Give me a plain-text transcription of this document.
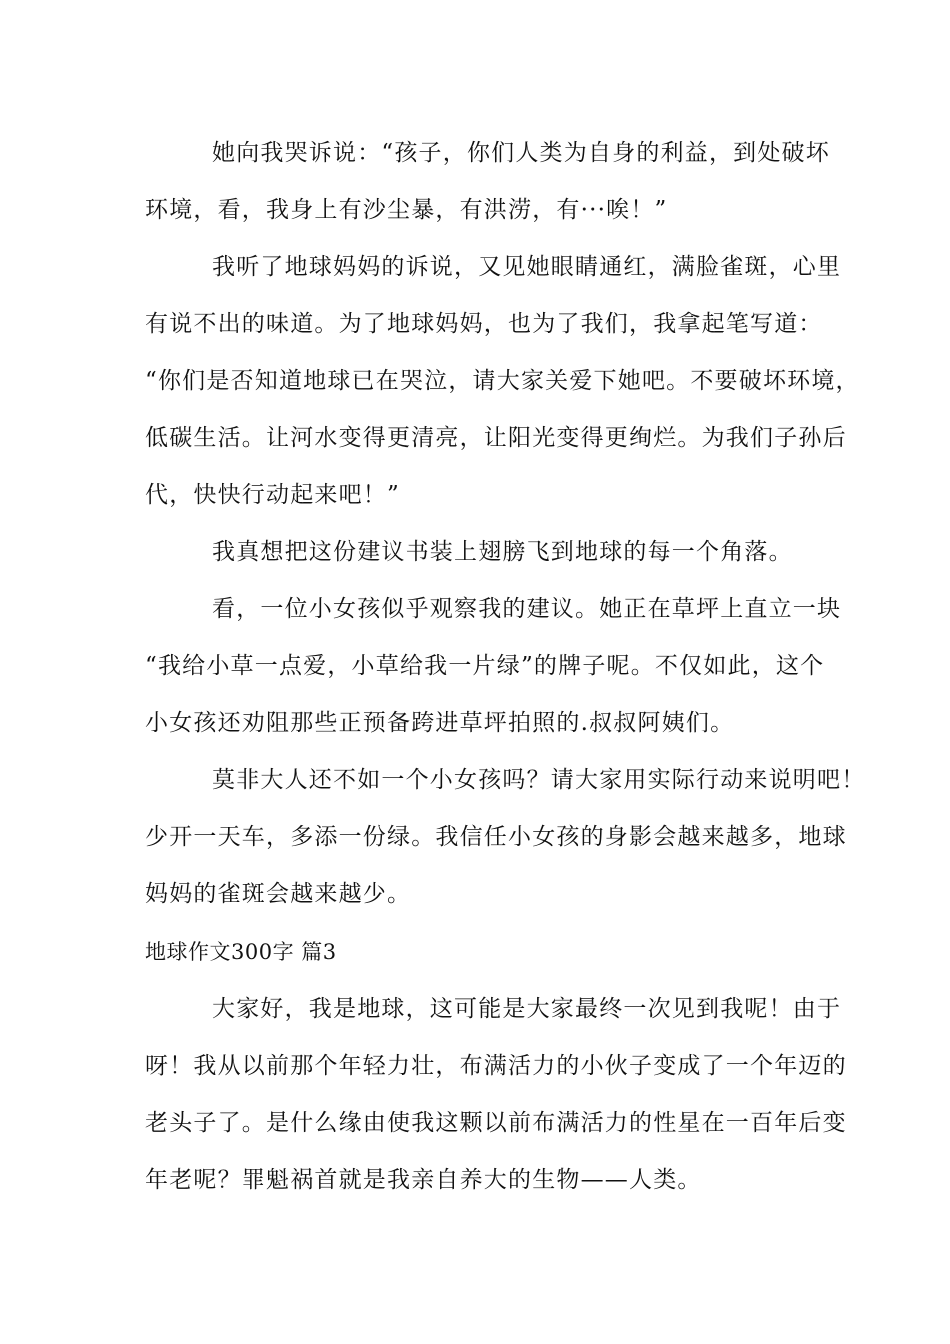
她向我哭诉说：“孩子，你们人类为自身的利益，到处破坏
环境，看，我身上有沙尘暴，有洪涝，有···唉！”
我听了地球妈妈的诉说，又见她眼睛通红，满脸雀斑，心里
有说不出的味道。为了地球妈妈，也为了我们，我拿起笔写道：
“你们是否知道地球已在哭泣，请大家关爱下她吧。不要破坏环境，
低碳生活。让河水变得更清亮，让阳光变得更绚烂。为我们子孙后
代，快快行动起来吧！”
我真想把这份建议书装上翅膀飞到地球的每一个角落。
看，一位小女孩似乎观察我的建议。她正在草坪上直立一块
“我给小草一点爱，小草给我一片绿”的牌子呢。不仅如此，这个
小女孩还劝阻那些正预备跨进草坪拍照的.叔叔阿姨们。
莫非大人还不如一个小女孩吗？请大家用实际行动来说明吧！
少开一天车，多添一份绿。我信任小女孩的身影会越来越多，地球
妈妈的雀斑会越来越少。
地球作文300字 篇3
大家好，我是地球，这可能是大家最终一次见到我呢！由于
呀！我从以前那个年轻力壮，布满活力的小伙子变成了一个年迈的
老头子了。是什么缘由使我这颗以前布满活力的性星在一百年后变
年老呢？罪魁祸首就是我亲自养大的生物——人类。
